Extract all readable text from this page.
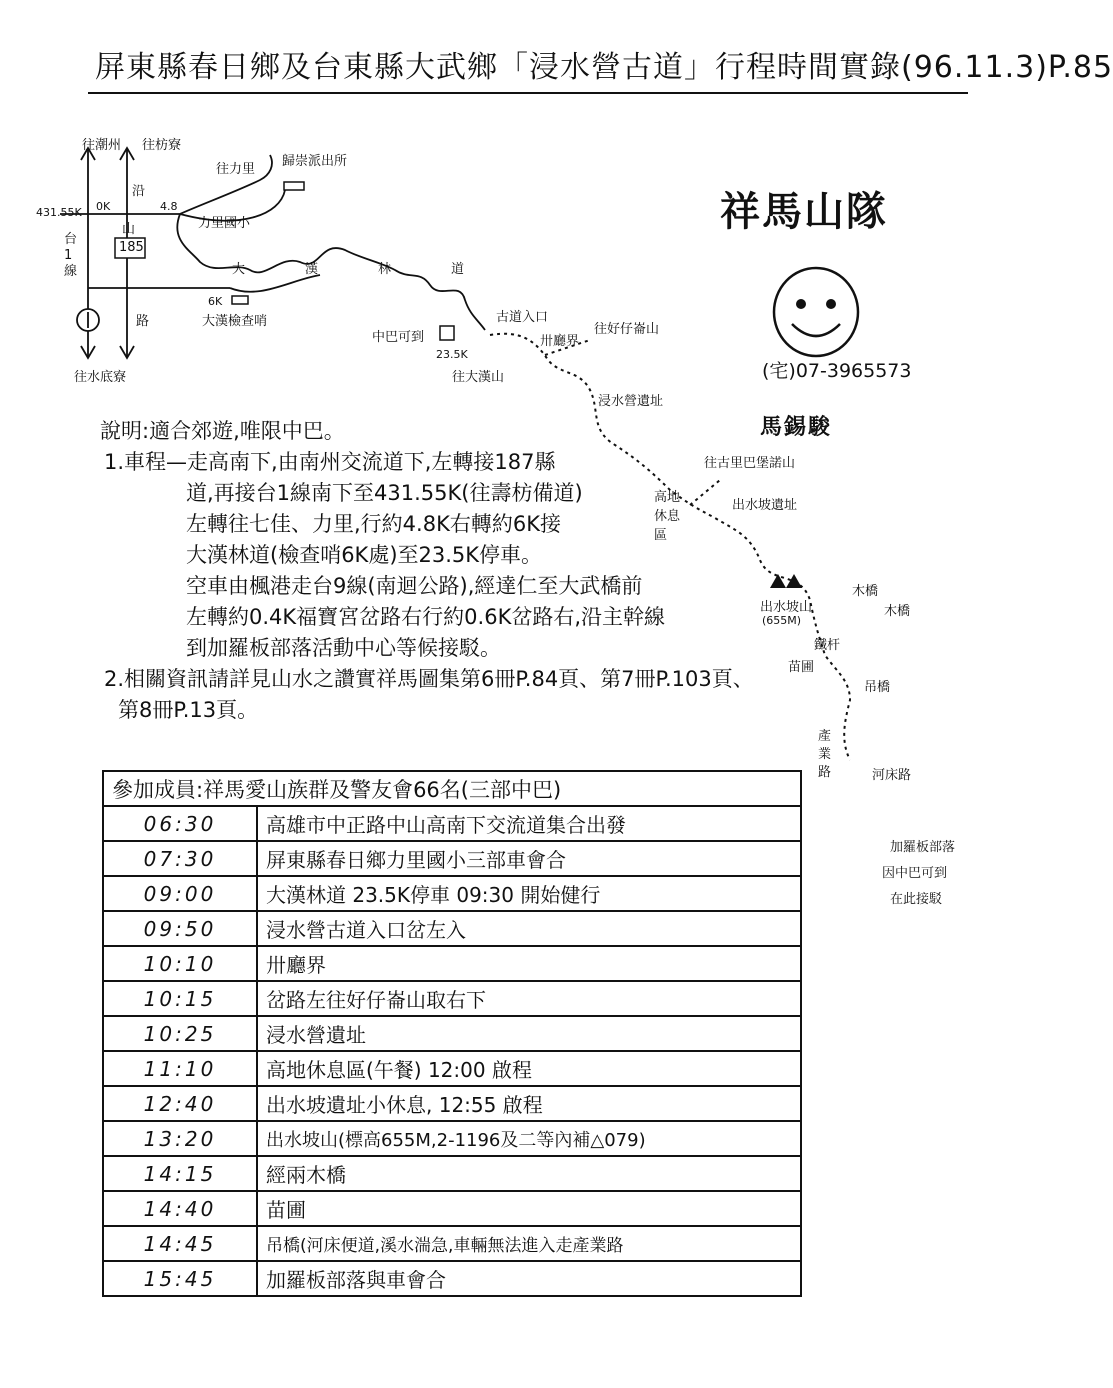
屏東縣春日鄉及台東縣大武鄉「浸水營古道」行程時間實錄(96.11.3)P.85
往潮州 往枋寮
431.55K 0K	4.8
6K
23.5K
台1線
185
山
沿
路
往力里
歸崇派出所
力里國小
大漢林道
大漢檢查哨
往水底寮
中巴可到
往大漢山
古道入口
卅廳界
往好仔崙山
浸水營遺址
往古里巴堡諾山
高地休息區
出水坡遺址
出水坡山
(655M)
木橋
木橋
鐵杆
苗圃
吊橋
產業路	河床路
加羅板部落
因中巴可到
在此接駁
祥馬山隊
(宅)07-3965573
馬錫駿

說明:適合郊遊,唯限中巴。

1.車程—走高南下,由南州交流道下,左轉接187縣

道,再接台1線南下至431.55K(往壽枋備道)

左轉往七佳、力里,行約4.8K右轉約6K接

大漢林道(檢查哨6K處)至23.5K停車。

空車由楓港走台9線(南迴公路),經達仁至大武橋前

左轉約0.4K福寶宮岔路右行約0.6K岔路右,沿主幹線

到加羅板部落活動中心等候接駁。

2.相關資訊請詳見山水之讚實祥馬圖集第6冊P.84頁、第7冊P.103頁、

第8冊P.13頁。

參加成員:祥馬愛山族群及警友會66名(三部中巴)	
06:30	高雄市中正路中山高南下交流道集合出發
07:30	屏東縣春日鄉力里國小三部車會合
09:00	大漢林道 23.5K停車 09:30 開始健行
09:50	浸水營古道入口岔左入
10:10	卅廳界
10:15	岔路左往好仔崙山取右下
10:25	浸水營遺址
11:10	高地休息區(午餐) 12:00 啟程
12:40	出水坡遺址小休息, 12:55 啟程
13:20	出水坡山(標高655M,2-1196及二等內補△079)
14:15	經兩木橋
14:40	苗圃
14:45	吊橋(河床便道,溪水湍急,車輛無法進入走產業路
15:45	加羅板部落與車會合
